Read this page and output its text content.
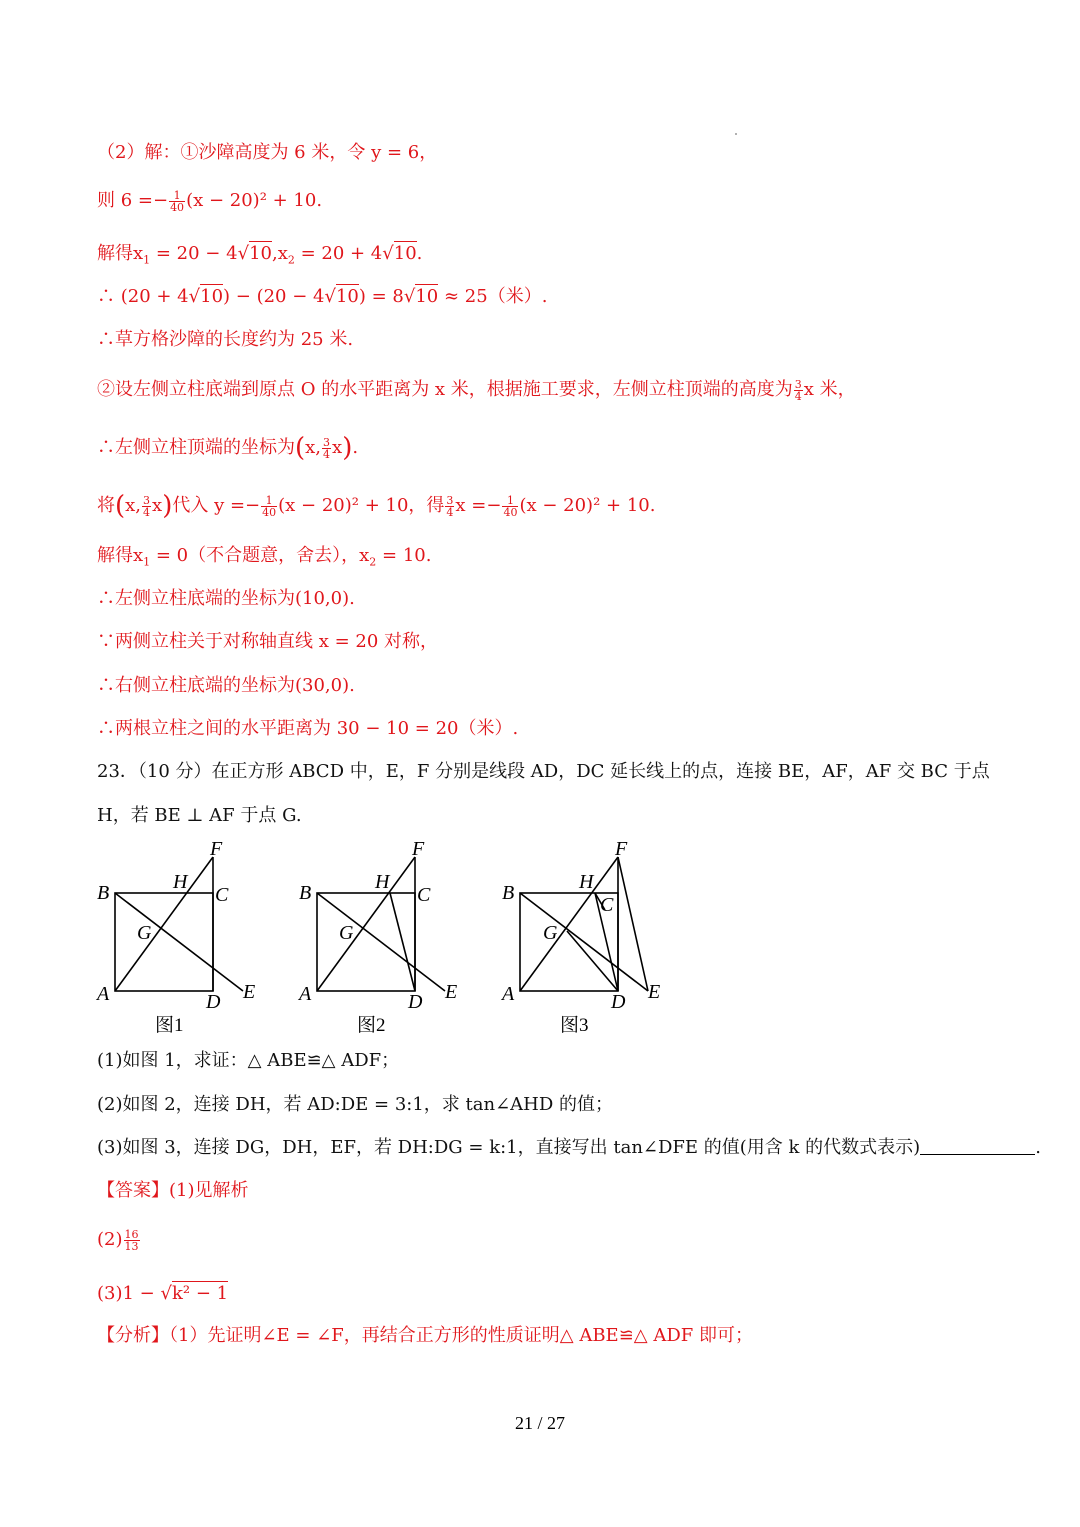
（2）解：①沙障高度为 6 米，令 y = 6，
则 $6 =- \frac{1}{40} (x - 20)^2 + 10$.
解得$x_1 = 20 - 4√10,x_2 = 20 + 4√10$.
∴ (20 + 4√10) − (20 − 4√10) = 8√10 ≈ 25（米）.
∴草方格沙障的长度约为 25 米.
②设左侧立柱底端到原点 O 的水平距离为 x 米，根据施工要求，左侧立柱顶端的高度为 $\frac{3}{4}$ x 米，
∴左侧立柱顶端的坐标为(x, $\frac{3}{4} x$).
将(x, $\frac{3}{4} x$)代入 $y =- \frac{1}{40} (x - 20)^2 + 10$，得 $\frac{3}{4}$ $x =- \frac{1}{40} (x - 20)^2 + 10$.
解得$x_1 = 0$（不合题意，舍去），$x_2 = 10$.
∴左侧立柱底端的坐标为(10,0).
∵两侧立柱关于对称轴直线 x = 20 对称，
∴右侧立柱底端的坐标为(30,0).
∴两根立柱之间的水平距离为 30 − 10 = 20（米）.
23．（10 分）在正方形 ABCD 中，E，F 分别是线段 AD，DC 延长线上的点，连接 BE，AF，AF 交 BC 于点
H，若 BE ⊥ AF 于点 G.
B	C
F
H
G
A	D E
图1
B	C
F
H
G
A	D E
图2
B
C
F
H
G
A	D E
图3
(1)如图 1，求证：△ ABE≌△ ADF；
(2)如图 2，连接 DH，若 AD:DE = 3:1，求 tan∠AHD 的值；
(3)如图 3，连接 DG，DH，EF，若 DH:DG = k:1，直接写出 tan∠DFE 的值(用含 k 的代数式表示)	.
【答案】(1)见解析
$(2) \frac{16}{13}$
(3)1 − √k² − 1
【分析】（1）先证明∠E = ∠F，再结合正方形的性质证明△ ABE≌△ ADF 即可；
21 / 27
